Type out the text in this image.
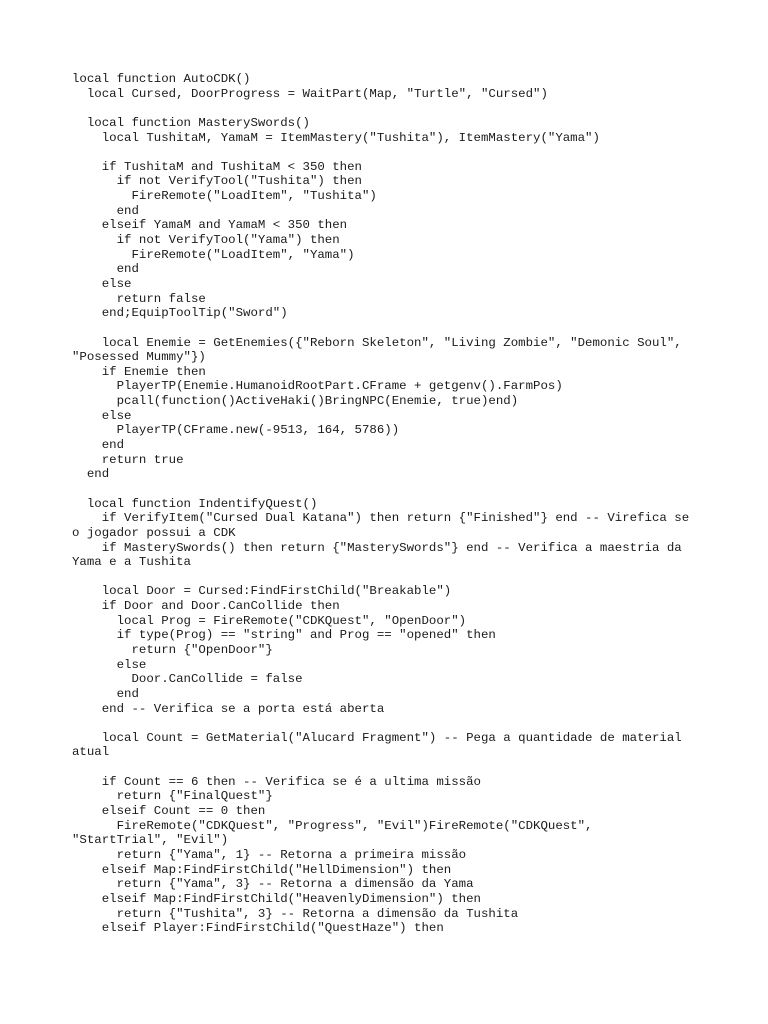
local function AutoCDK()
local Cursed, DoorProgress = WaitPart(Map, "Turtle", "Cursed")
local function MasterySwords()
local TushitaM, YamaM = ItemMastery("Tushita"), ItemMastery("Yama")
if TushitaM and TushitaM < 350 then
if not VerifyTool("Tushita") then
FireRemote("LoadItem", "Tushita")
end
elseif YamaM and YamaM < 350 then
if not VerifyTool("Yama") then
FireRemote("LoadItem", "Yama")
end
else
return false
end;EquipToolTip("Sword")
local Enemie = GetEnemies({"Reborn Skeleton", "Living Zombie", "Demonic Soul",
"Posessed Mummy"})
if Enemie then
PlayerTP(Enemie.HumanoidRootPart.CFrame + getgenv().FarmPos)
pcall(function()ActiveHaki()BringNPC(Enemie, true)end)
else
PlayerTP(CFrame.new(-9513, 164, 5786))
end
return true
end
local function IndentifyQuest()
if VerifyItem("Cursed Dual Katana") then return {"Finished"} end -- Virefica se
o jogador possui a CDK
if MasterySwords() then return {"MasterySwords"} end -- Verifica a maestria da
Yama e a Tushita
local Door = Cursed:FindFirstChild("Breakable")
if Door and Door.CanCollide then
local Prog = FireRemote("CDKQuest", "OpenDoor")
if type(Prog) == "string" and Prog == "opened" then
return {"OpenDoor"}
else
Door.CanCollide = false
end
end -- Verifica se a porta está aberta
local Count = GetMaterial("Alucard Fragment") -- Pega a quantidade de material
atual
if Count == 6 then -- Verifica se é a ultima missão
return {"FinalQuest"}
elseif Count == 0 then
FireRemote("CDKQuest", "Progress", "Evil")FireRemote("CDKQuest",
"StartTrial", "Evil")
return {"Yama", 1} -- Retorna a primeira missão
elseif Map:FindFirstChild("HellDimension") then
return {"Yama", 3} -- Retorna a dimensão da Yama
elseif Map:FindFirstChild("HeavenlyDimension") then
return {"Tushita", 3} -- Retorna a dimensão da Tushita
elseif Player:FindFirstChild("QuestHaze") then
